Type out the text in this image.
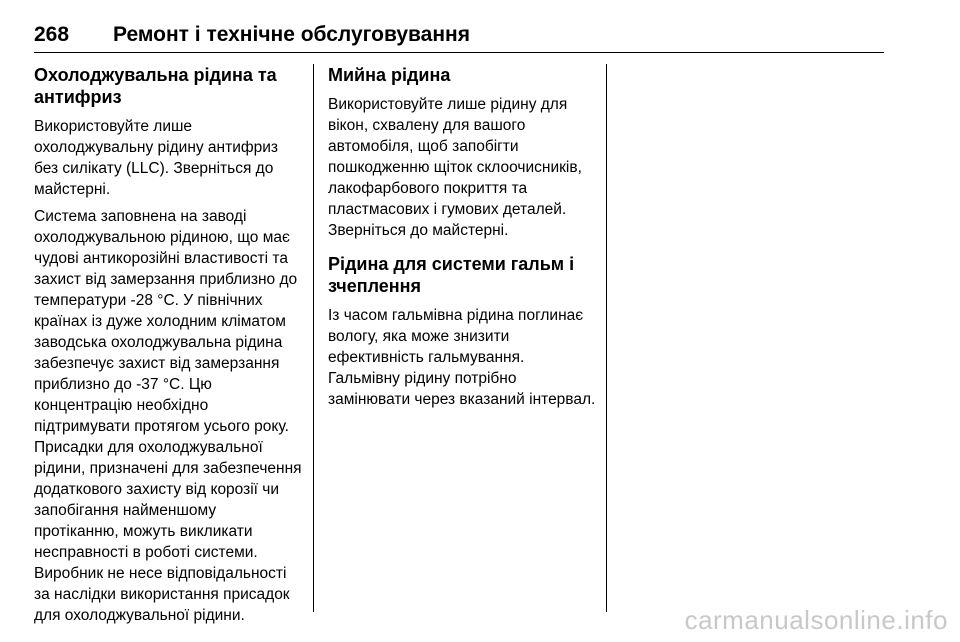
268 Ремонт і технічне обслуговування
Охолоджувальна рідина та антифриз

Використовуйте лише охолоджувальну рідину антифриз без силікату (LLC). Зверніться до майстерні.

Система заповнена на заводі охолоджувальною рідиною, що має чудові антикорозійні властивості та захист від замерзання приблизно до температури -28 °C. У північних країнах із дуже холодним кліматом заводська охолоджувальна рідина забезпечує захист від замерзання приблизно до -37 °C. Цю концентрацію необхідно підтримувати протягом усього року. Присадки для охолоджувальної рідини, призначені для забезпечення додаткового захисту від корозії чи запобігання найменшому протіканню, можуть викликати несправності в роботі системи. Виробник не несе відповідальності за наслідки використання присадок для охолоджувальної рідини.

Мийна рідина

Використовуйте лише рідину для вікон, схвалену для вашого автомобіля, щоб запобігти пошкодженню щіток склоочисників, лакофарбового покриття та пластмасових і гумових деталей. Зверніться до майстерні.

Рідина для системи гальм і зчеплення

Із часом гальмівна рідина поглинає вологу, яка може знизити ефективність гальмування. Гальмівну рідину потрібно замінювати через вказаний інтервал.

carmanualsonline.info
